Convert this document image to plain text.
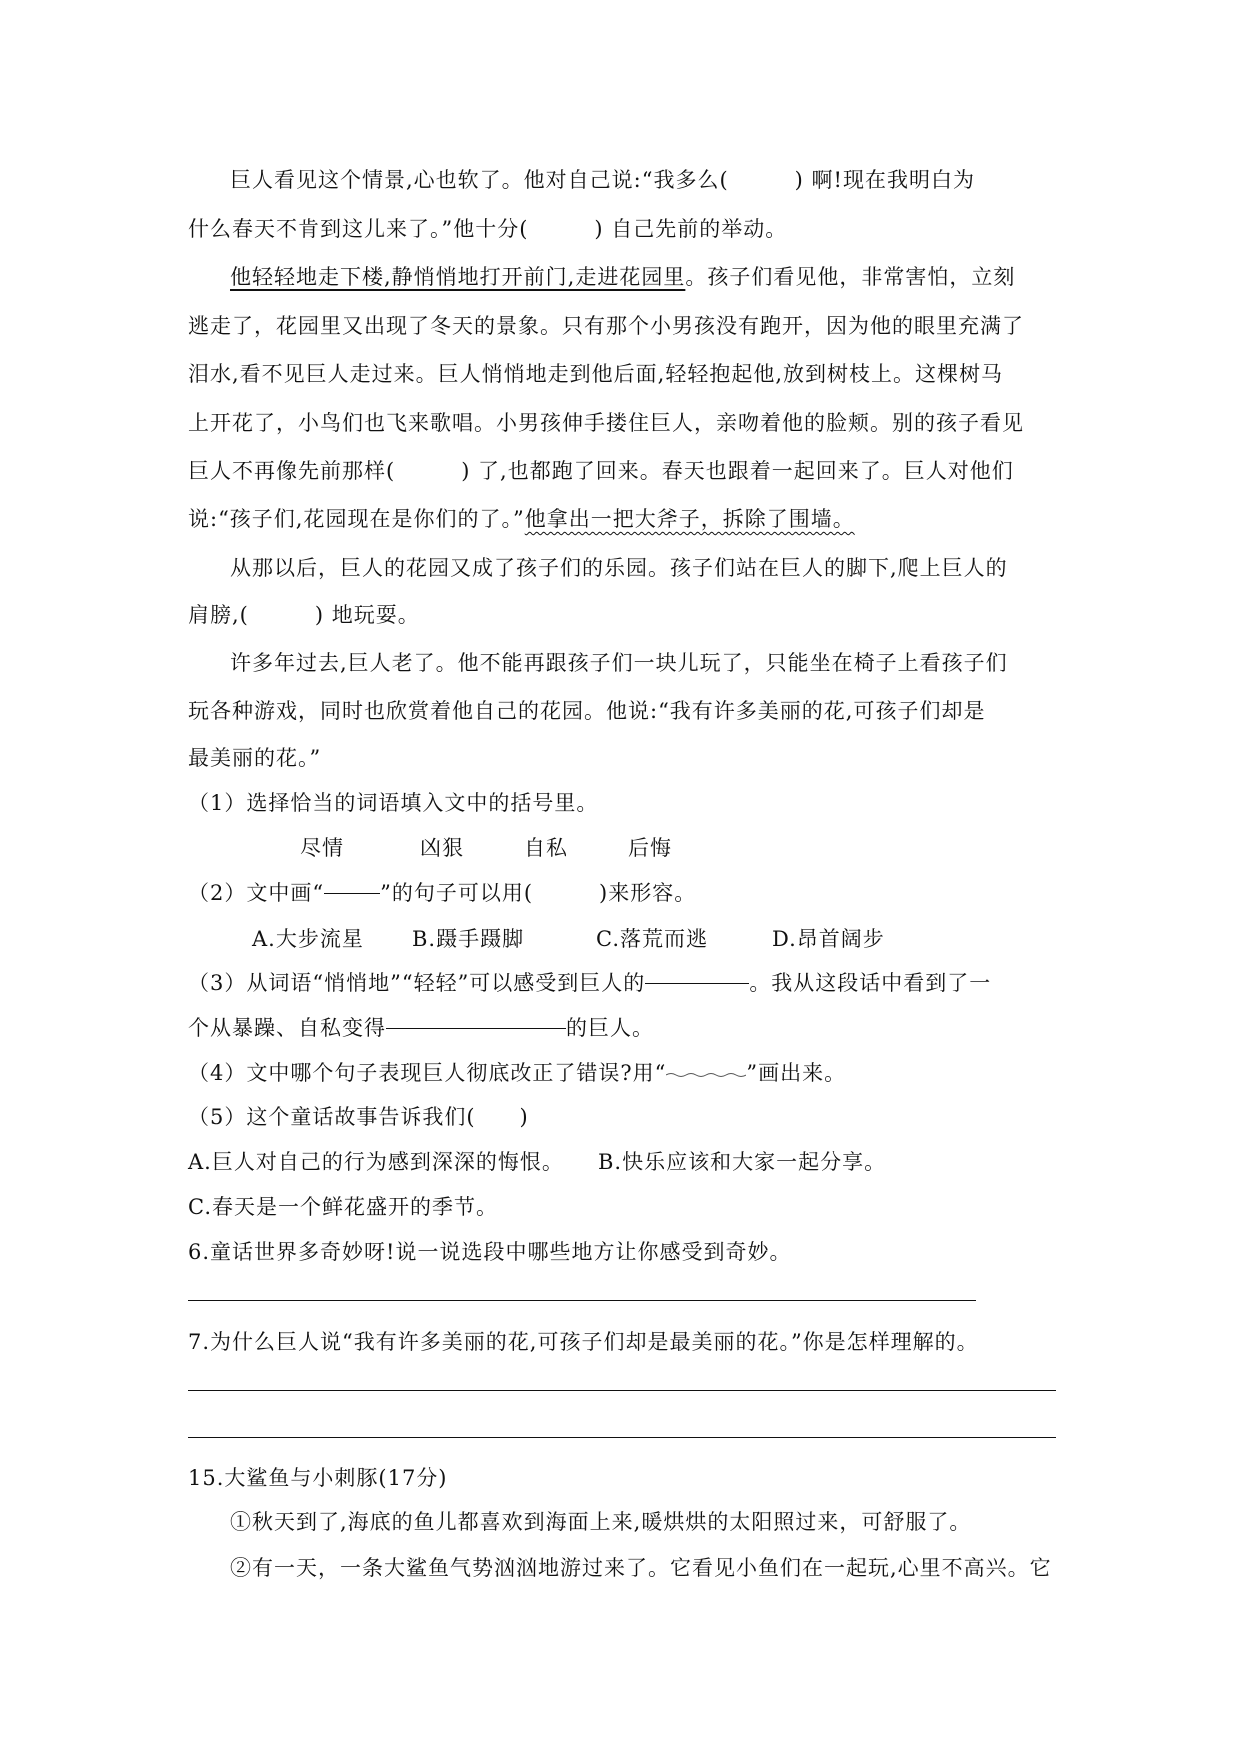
巨人看见这个情景,心也软了。他对自己说:“我多么(　　　) 啊!现在我明白为
什么春天不肯到这儿来了。”他十分(　　　) 自己先前的举动。
他轻轻地走下楼,静悄悄地打开前门,走进花园里。孩子们看见他，非常害怕，立刻
逃走了，花园里又出现了冬天的景象。只有那个小男孩没有跑开，因为他的眼里充满了
泪水,看不见巨人走过来。巨人悄悄地走到他后面,轻轻抱起他,放到树枝上。这棵树马
上开花了，小鸟们也飞来歌唱。小男孩伸手搂住巨人，亲吻着他的脸颊。别的孩子看见
巨人不再像先前那样(　　　) 了,也都跑了回来。春天也跟着一起回来了。巨人对他们
说:“孩子们,花园现在是你们的了。”他拿出一把大斧子，拆除了围墙。
从那以后，巨人的花园又成了孩子们的乐园。孩子们站在巨人的脚下,爬上巨人的
肩膀,(　　　) 地玩耍。
许多年过去,巨人老了。他不能再跟孩子们一块儿玩了，只能坐在椅子上看孩子们
玩各种游戏，同时也欣赏着他自己的花园。他说:“我有许多美丽的花,可孩子们却是
最美丽的花。”
（1）选择恰当的词语填入文中的括号里。
尽情	凶狠	自私	后悔
（2）文中画“	”的句子可以用(　　　)来形容。
A.大步流星 B.蹑手蹑脚	C.落荒而逃	D.昂首阔步
（3）从词语“悄悄地”“轻轻”可以感受到巨人的	。我从这段话中看到了一
个从暴躁、自私变得	的巨人。
（4）文中哪个句子表现巨人彻底改正了错误?用“	”画出来。
（5）这个童话故事告诉我们(　　)
A.巨人对自己的行为感到深深的悔恨。 B.快乐应该和大家一起分享。
C.春天是一个鲜花盛开的季节。
6.童话世界多奇妙呀!说一说选段中哪些地方让你感受到奇妙。
7.为什么巨人说“我有许多美丽的花,可孩子们却是最美丽的花。”你是怎样理解的。
15.大鲨鱼与小刺豚(17分)
①秋天到了,海底的鱼儿都喜欢到海面上来,暖烘烘的太阳照过来，可舒服了。
②有一天，一条大鲨鱼气势汹汹地游过来了。它看见小鱼们在一起玩,心里不高兴。它
